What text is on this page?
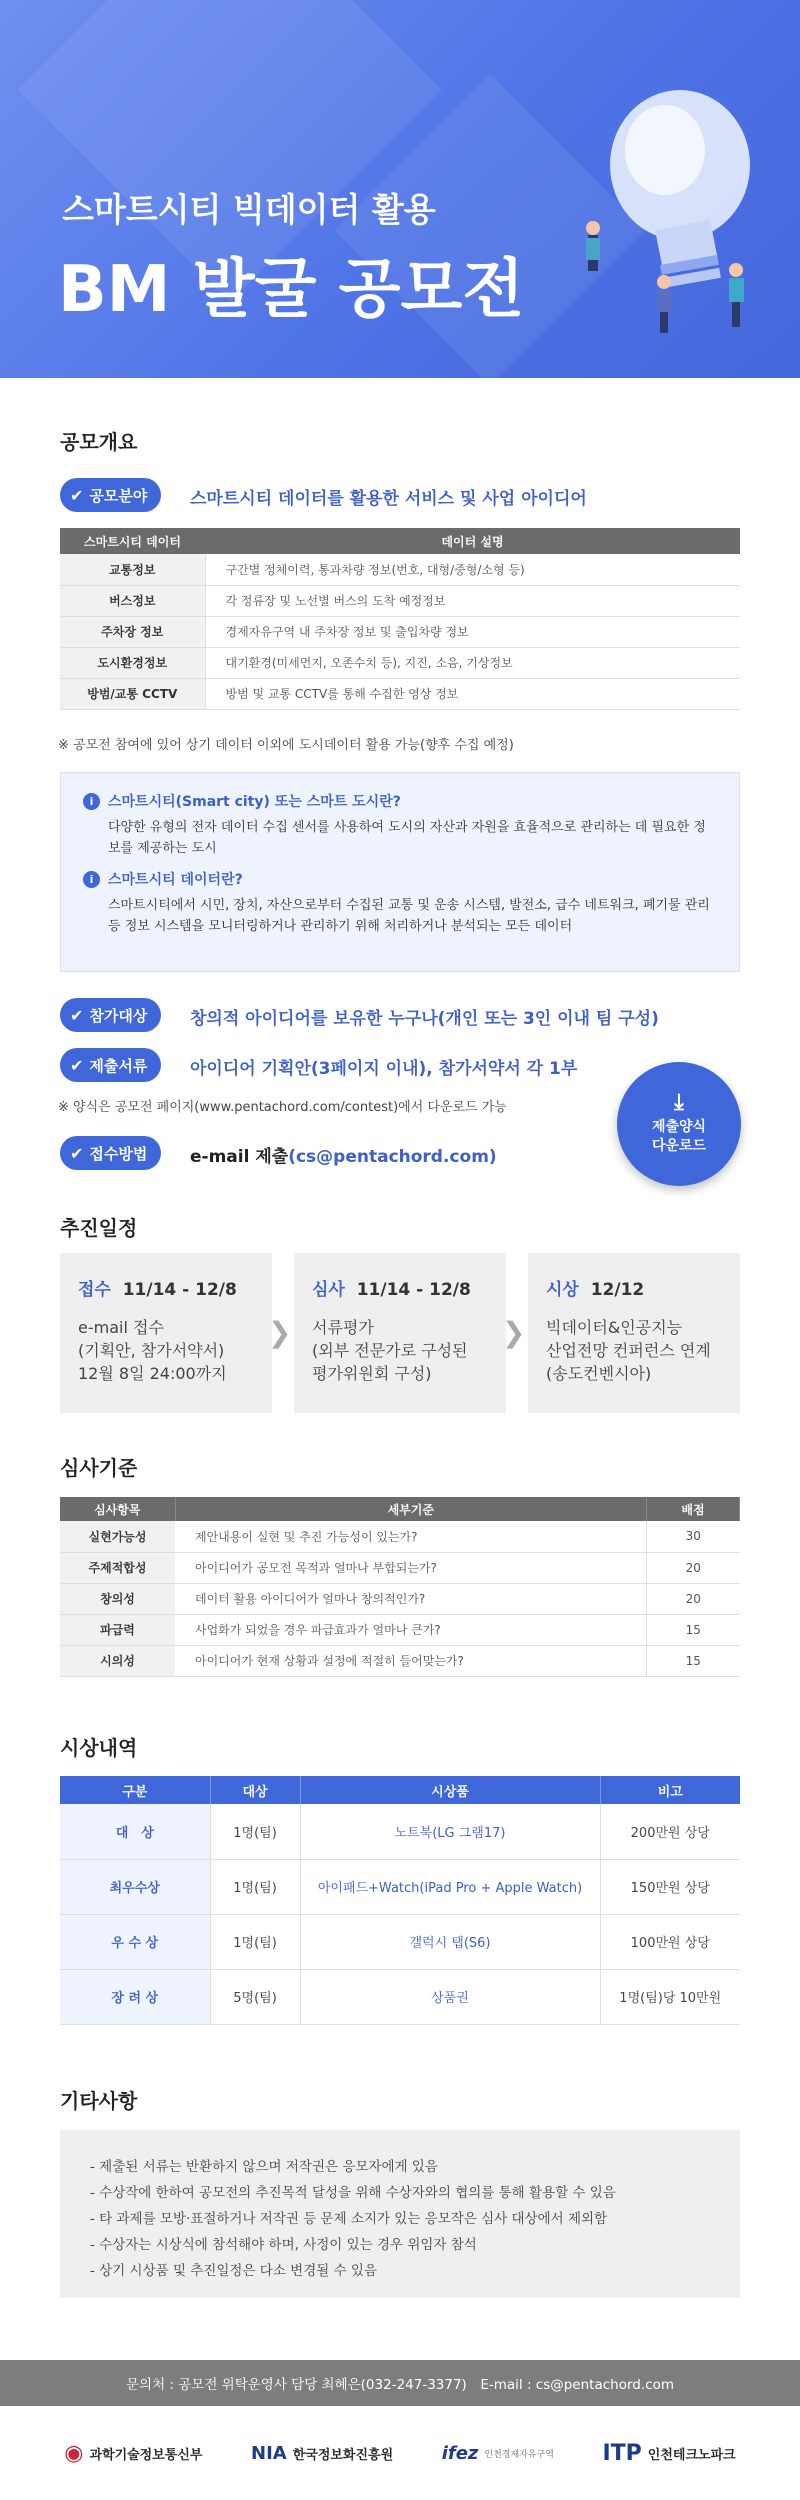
스마트시티 빅데이터 활용
BM 발굴 공모전
공모개요
✔ 공모분야	스마트시티 데이터를 활용한 서비스 및 사업 아이디어
스마트시티 데이터	데이터 설명
교통정보	구간별 정체이력, 통과차량 정보(번호, 대형/중형/소형 등)
버스정보	각 정류장 및 노선별 버스의 도착 예정정보
주차장 정보	경제자유구역 내 주차장 정보 및 출입차량 정보
도시환경정보	대기환경(미세먼지, 오존수치 등), 지진, 소음, 기상정보
방범/교통 CCTV	방범 및 교통 CCTV를 통해 수집한 영상 정보
※ 공모전 참여에 있어 상기 데이터 이외에 도시데이터 활용 가능(향후 수집 예정)
i	스마트시티(Smart city) 또는 스마트 도시란?
다양한 유형의 전자 데이터 수집 센서를 사용하여 도시의 자산과 자원을 효율적으로 관리하는 데 필요한 정보를 제공하는 도시
i	스마트시티 데이터란?
스마트시티에서 시민, 장치, 자산으로부터 수집된 교통 및 운송 시스템, 발전소, 급수 네트워크, 폐기물 관리 등 정보 시스템을 모니터링하거나 관리하기 위해 처리하거나 분석되는 모든 데이터
✔ 참가대상	창의적 아이디어를 보유한 누구나(개인 또는 3인 이내 팀 구성)
✔ 제출서류	아이디어 기획안(3페이지 이내), 참가서약서 각 1부
※ 양식은 공모전 페이지(www.pentachord.com/contest)에서 다운로드 가능
✔ 접수방법	e-mail 제출(cs@pentachord.com)
⤓
제출양식
다운로드
추진일정
접수 11/14 - 12/8
e-mail 접수
(기획안, 참가서약서)
12월 8일 24:00까지
❯
심사 11/14 - 12/8
서류평가
(외부 전문가로 구성된
평가위원회 구성)
❯
시상 12/12
빅데이터&인공지능
산업전망 컨퍼런스 연계
(송도컨벤시아)
심사기준
심사항목	세부기준	배점
실현가능성	제안내용이 실현 및 추진 가능성이 있는가?	30
주제적합성	아이디어가 공모전 목적과 얼마나 부합되는가?	20
창의성	데이터 활용 아이디어가 얼마나 창의적인가?	20
파급력	사업화가 되었을 경우 파급효과가 얼마나 큰가?	15
시의성	아이디어가 현재 상황과 설정에 적절히 들어맞는가?	15
시상내역
구분	대상	시상품	비고
대　상	1명(팀)	노트북(LG 그램17)	200만원 상당
최우수상	1명(팀)	아이패드+Watch(iPad Pro + Apple Watch)	150만원 상당
우 수 상	1명(팀)	갤럭시 탭(S6)	100만원 상당
장 려 상	5명(팀)	상품권	1명(팀)당 10만원
기타사항
- 제출된 서류는 반환하지 않으며 저작권은 응모자에게 있음
- 수상작에 한하여 공모전의 추진목적 달성을 위해 수상자와의 협의를 통해 활용할 수 있음
- 타 과제를 모방·표절하거나 저작권 등 문제 소지가 있는 응모작은 심사 대상에서 제외함
- 수상자는 시상식에 참석해야 하며, 사정이 있는 경우 위임자 참석
- 상기 시상품 및 추진일정은 다소 변경될 수 있음
문의처 : 공모전 위탁운영사 담당 최혜은(032-247-3377)　E-mail : cs@pentachord.com
◉ 과학기술정보통신부	NIA 한국정보화진흥원	ifez 인천경제자유구역 ITP 인천테크노파크
